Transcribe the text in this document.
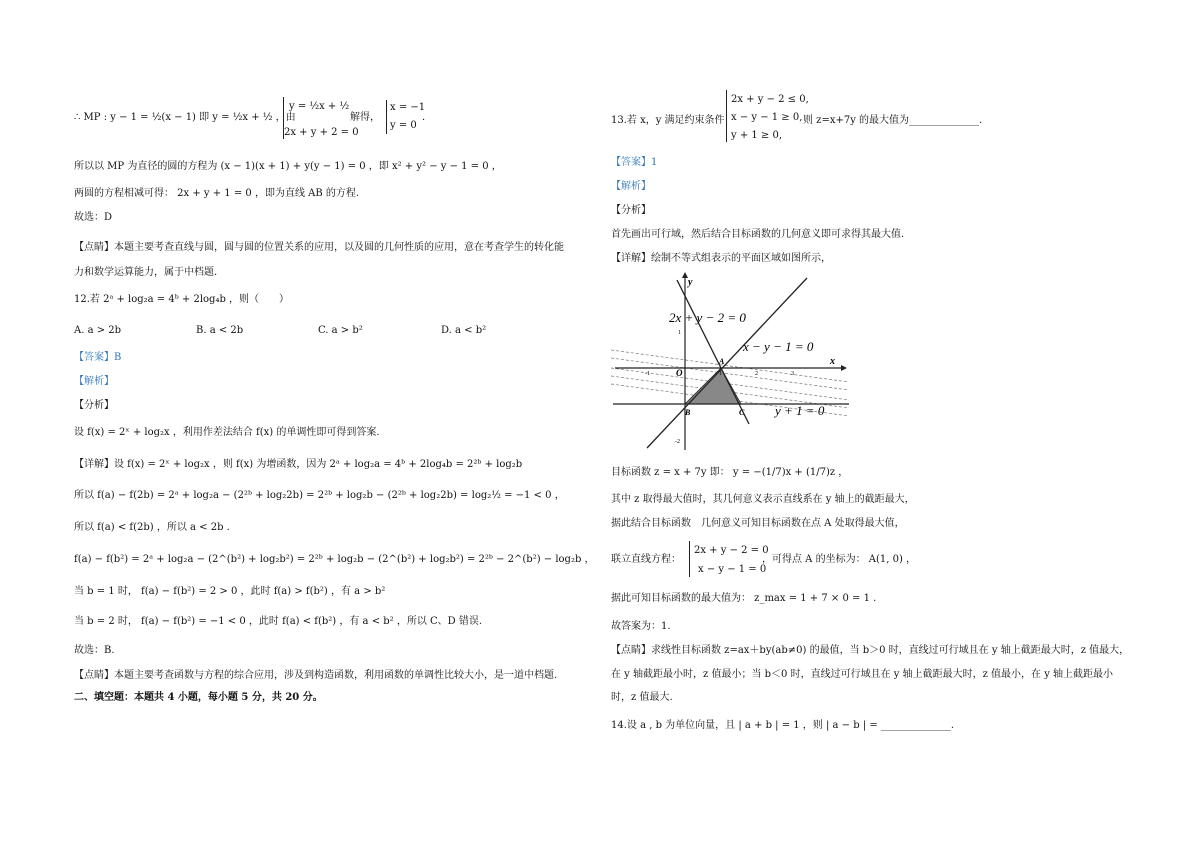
∴ MP : y − 1 = ½(x − 1) 即 y = ½x + ½ ，由
y = ½x + ½
2x + y + 2 = 0
解得，
x = −1
y = 0
．
所以以 MP 为直径的圆的方程为 (x − 1)(x + 1) + y(y − 1) = 0 ，即 x² + y² − y − 1 = 0 ，
两圆的方程相减可得： 2x + y + 1 = 0 ，即为直线 AB 的方程.
故选：D
【点睛】本题主要考查直线与圆，圆与圆的位置关系的应用，以及圆的几何性质的应用，意在考查学生的转化能
力和数学运算能力，属于中档题.
12.若 2ᵃ + log₂a = 4ᵇ + 2log₄b ，则（　　）
A. a > 2b	B. a < 2b	C. a > b²	D. a < b²
【答案】B
【解析】
【分析】
设 f(x) = 2ˣ + log₂x ，利用作差法结合 f(x) 的单调性即可得到答案.
【详解】设 f(x) = 2ˣ + log₂x ，则 f(x) 为增函数，因为 2ᵃ + log₂a = 4ᵇ + 2log₄b = 2²ᵇ + log₂b
所以 f(a) − f(2b) = 2ᵃ + log₂a − (2²ᵇ + log₂2b) = 2²ᵇ + log₂b − (2²ᵇ + log₂2b) = log₂½ = −1 < 0 ，
所以 f(a) < f(2b) ，所以 a < 2b .
f(a) − f(b²) = 2ᵃ + log₂a − (2^(b²) + log₂b²) = 2²ᵇ + log₂b − (2^(b²) + log₂b²) = 2²ᵇ − 2^(b²) − log₂b ，
当 b = 1 时， f(a) − f(b²) = 2 > 0 ，此时 f(a) > f(b²) ，有 a > b²
当 b = 2 时， f(a) − f(b²) = −1 < 0 ，此时 f(a) < f(b²) ，有 a < b² ，所以 C、D 错误.
故选：B.
【点睛】本题主要考查函数与方程的综合应用，涉及到构造函数，利用函数的单调性比较大小，是一道中档题.
二、填空题：本题共 4 小题，每小题 5 分，共 20 分。
13.若 x，y 满足约束条件
2x + y − 2 ≤ 0,
x − y − 1 ≥ 0,
y + 1 ≥ 0,
则 z=x+7y 的最大值为______________.
【答案】1
【解析】
【分析】
首先画出可行域，然后结合目标函数的几何意义即可求得其最大值.
【详解】绘制不等式组表示的平面区域如图所示，
2x + y − 2 = 0
x − y − 1 = 0
y + 1 = 0
x
y
O
A
B	C
-1	1	2	3
1
-2
目标函数 z = x + 7y 即： y = −(1/7)x + (1/7)z ，
其中 z 取得最大值时，其几何意义表示直线系在 y 轴上的截距最大，
据此结合目标函数　几何意义可知目标函数在点 A 处取得最大值，
联立直线方程：
2x + y − 2 = 0
x − y − 1 = 0
，可得点 A 的坐标为： A(1, 0) ，
据此可知目标函数的最大值为： z_max = 1 + 7 × 0 = 1 .
故答案为：1.
【点睛】求线性目标函数 z=ax＋by(ab≠0) 的最值，当 b＞0 时，直线过可行域且在 y 轴上截距最大时，z 值最大，
在 y 轴截距最小时，z 值最小；当 b＜0 时，直线过可行域且在 y 轴上截距最大时，z 值最小，在 y 轴上截距最小
时，z 值最大.
14.设 a , b 为单位向量，且 | a + b | = 1 ，则 | a − b | = ______________.
